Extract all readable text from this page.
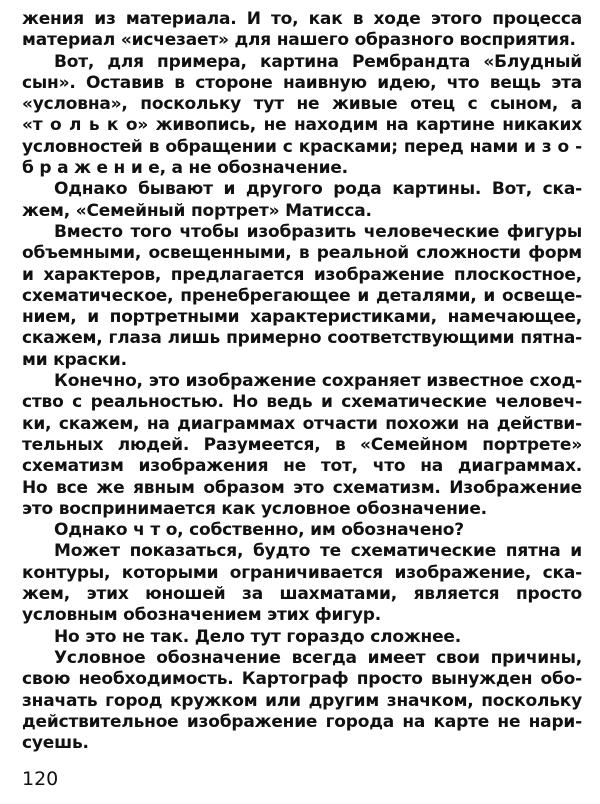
жения из материала. И то, как в ходе этого процесса
материал «исчезает» для нашего образного восприятия.
Вот, для примера, картина Рембрандта «Блудный
сын». Оставив в стороне наивную идею, что вещь эта
«условна», поскольку тут не живые отец с сыном, а
«т о л ь к о» живопись, не находим на картине никаких
условностей в обращении с красками; перед нами и з о -
б р а ж е н и е, а не обозначение.
Однако бывают и другого рода картины. Вот, ска-
жем, «Семейный портрет» Матисса.
Вместо того чтобы изобразить человеческие фигуры
объемными, освещенными, в реальной сложности форм
и характеров, предлагается изображение плоскостное,
схематическое, пренебрегающее и деталями, и освеще-
нием, и портретными характеристиками, намечающее,
скажем, глаза лишь примерно соответствующими пятна-
ми краски.
Конечно, это изображение сохраняет известное сход-
ство с реальностью. Но ведь и схематические человеч-
ки, скажем, на диаграммах отчасти похожи на действи-
тельных людей. Разумеется, в «Семейном портрете»
схематизм изображения не тот, что на диаграммах.
Но все же явным образом это схематизм. Изображение
это воспринимается как условное обозначение.
Однако ч т о, собственно, им обозначено?
Может показаться, будто те схематические пятна и
контуры, которыми ограничивается изображение, ска-
жем, этих юношей за шахматами, является просто
условным обозначением этих фигур.
Но это не так. Дело тут гораздо сложнее.
Условное обозначение всегда имеет свои причины,
свою необходимость. Картограф просто вынужден обо-
значать город кружком или другим значком, поскольку
действительное изображение города на карте не нари-
суешь.
120
